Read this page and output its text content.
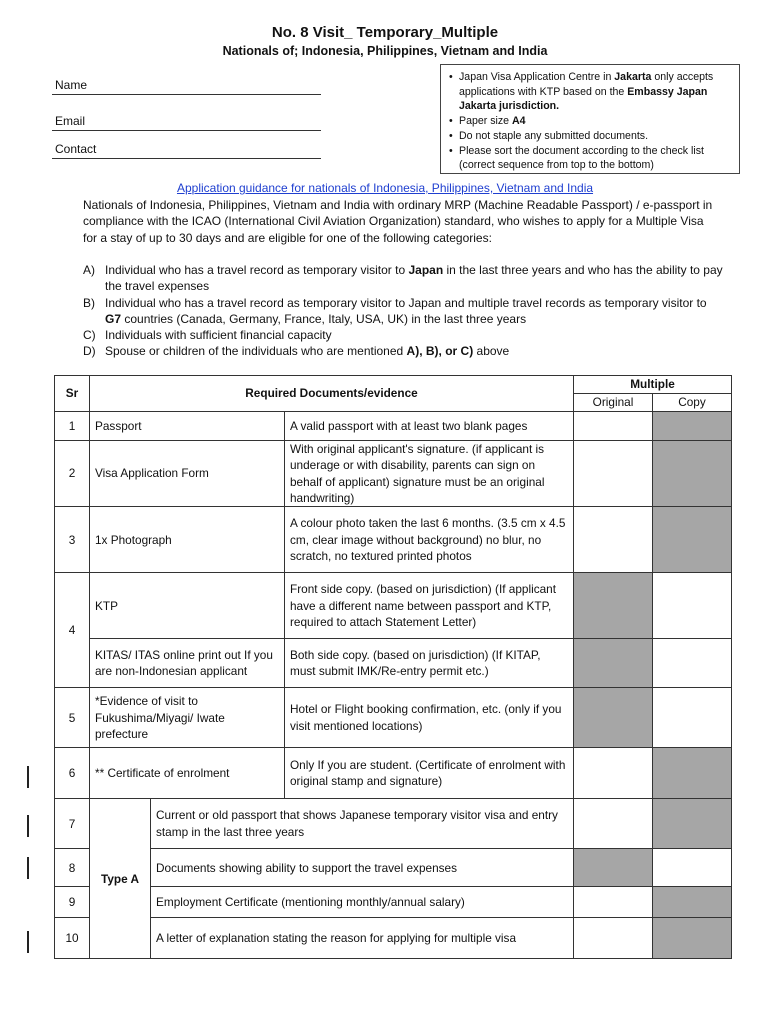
No. 8 Visit_ Temporary_Multiple
Nationals of; Indonesia, Philippines, Vietnam and India
Name
Email
Contact
• Japan Visa Application Centre in Jakarta only accepts applications with KTP based on the Embassy Japan Jakarta jurisdiction.
• Paper size A4
• Do not staple any submitted documents.
• Please sort the document according to the check list (correct sequence from top to the bottom)
Application guidance for nationals of Indonesia, Philippines, Vietnam and India
Nationals of Indonesia, Philippines, Vietnam and India with ordinary MRP (Machine Readable Passport) / e-passport in compliance with the ICAO (International Civil Aviation Organization) standard, who wishes to apply for a Multiple Visa for a stay of up to 30 days and are eligible for one of the following categories:
A) Individual who has a travel record as temporary visitor to Japan in the last three years and who has the ability to pay the travel expenses
B) Individual who has a travel record as temporary visitor to Japan and multiple travel records as temporary visitor to G7 countries (Canada, Germany, France, Italy, USA, UK) in the last three years
C) Individuals with sufficient financial capacity
D) Spouse or children of the individuals who are mentioned A), B), or C) above
Sr	Required Documents/evidence			Multiple	
				Original	Copy
1	Passport		A valid passport with at least two blank pages		
2	Visa Application Form		With original applicant's signature. (if applicant is underage or with disability, parents can sign on behalf of applicant) signature must be an original handwriting)		
3	1x Photograph		A colour photo taken the last 6 months. (3.5 cm x 4.5 cm, clear image without background) no blur, no scratch, no textured printed photos		
4	KTP		Front side copy. (based on jurisdiction) (If applicant have a different name between passport and KTP, required to attach Statement Letter)		
	KITAS/ ITAS online print out If you are non-Indonesian applicant		Both side copy. (based on jurisdiction) (If KITAP, must submit IMK/Re-entry permit etc.)		
5	*Evidence of visit to Fukushima/Miyagi/ Iwate prefecture		Hotel or Flight booking confirmation, etc. (only if you visit mentioned locations)		
6	** Certificate of enrolment		Only If you are student. (Certificate of enrolment with original stamp and signature)		
7	Type A	Current or old passport that shows Japanese temporary visitor visa and entry stamp in the last three years			
8		Documents showing ability to support the travel expenses			
9		Employment Certificate (mentioning monthly/annual salary)			
10		A letter of explanation stating the reason for applying for multiple visa			
